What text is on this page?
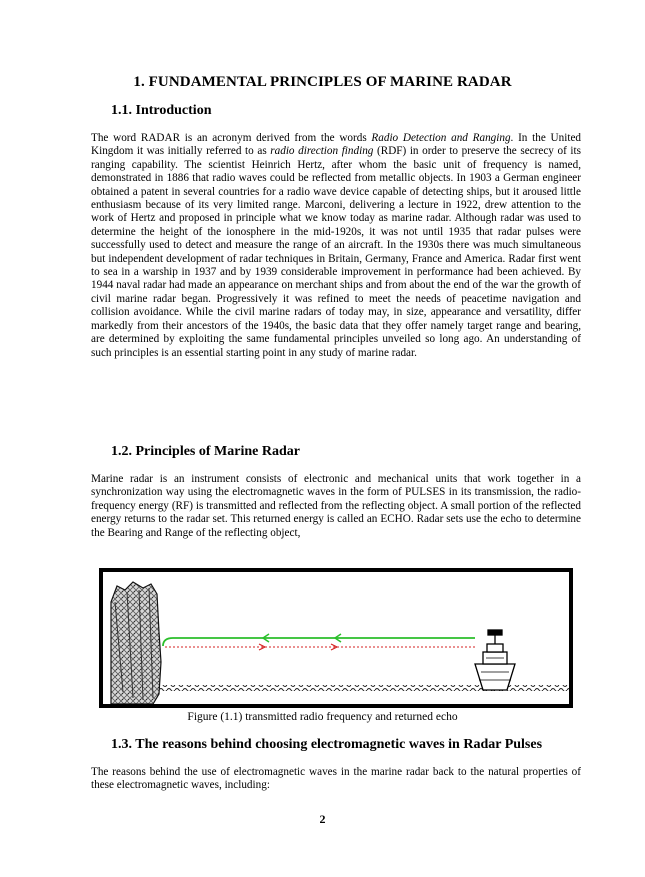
1. FUNDAMENTAL PRINCIPLES OF MARINE RADAR
1.1. Introduction
The word RADAR is an acronym derived from the words Radio Detection and Ranging. In the United Kingdom it was initially referred to as radio direction finding (RDF) in order to preserve the secrecy of its ranging capability. The scientist Heinrich Hertz, after whom the basic unit of frequency is named, demonstrated in 1886 that radio waves could be reflected from metallic objects. In 1903 a German engineer obtained a patent in several countries for a radio wave device capable of detecting ships, but it aroused little enthusiasm because of its very limited range. Marconi, delivering a lecture in 1922, drew attention to the work of Hertz and proposed in principle what we know today as marine radar. Although radar was used to determine the height of the ionosphere in the mid-1920s, it was not until 1935 that radar pulses were successfully used to detect and measure the range of an aircraft. In the 1930s there was much simultaneous but independent development of radar techniques in Britain, Germany, France and America. Radar first went to sea in a warship in 1937 and by 1939 considerable improvement in performance had been achieved. By 1944 naval radar had made an appearance on merchant ships and from about the end of the war the growth of civil marine radar began. Progressively it was refined to meet the needs of peacetime navigation and collision avoidance. While the civil marine radars of today may, in size, appearance and versatility, differ markedly from their ancestors of the 1940s, the basic data that they offer namely target range and bearing, are determined by exploiting the same fundamental principles unveiled so long ago. An understanding of such principles is an essential starting point in any study of marine radar.
1.2. Principles of Marine Radar
Marine radar is an instrument consists of electronic and mechanical units that work together in a synchronization way using the electromagnetic waves in the form of PULSES in its transmission, the radio-frequency energy (RF) is transmitted and reflected from the reflecting object. A small portion of the reflected energy returns to the radar set. This returned energy is called an ECHO. Radar sets use the echo to determine the Bearing and Range of the reflecting object,
Figure (1.1) transmitted radio frequency and returned echo
1.3. The reasons behind choosing electromagnetic waves in Radar Pulses
The reasons behind the use of electromagnetic waves in the marine radar back to the natural properties of these electromagnetic waves, including:
2
